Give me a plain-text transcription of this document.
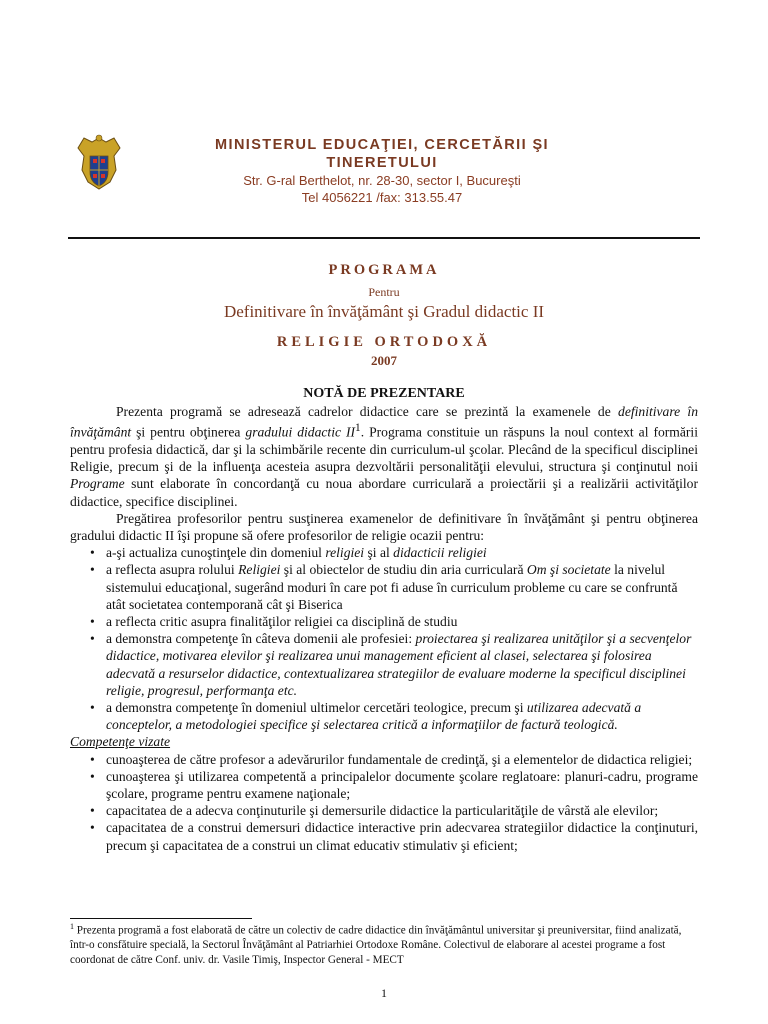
MINISTERUL EDUCAŢIEI, CERCETĂRII ŞI
TINERETULUI
Str. G-ral Berthelot, nr. 28-30, sector I, Bucureşti
Tel 4056221 /fax: 313.55.47
PROGRAMA
Pentru
Definitivare în învăţământ şi Gradul didactic II
RELIGIE ORTODOXĂ
2007
NOTĂ DE PREZENTARE

Prezenta programă se adresează cadrelor didactice care se prezintă la examenele de definitivare în învăţământ şi pentru obţinerea gradului didactic $II^1$. Programa constituie un răspuns la noul context al formării pentru profesia didactică, dar şi la schimbările recente din curriculum-ul şcolar. Plecând de la specificul disciplinei Religie, precum şi de la influenţa acesteia asupra dezvoltării personalităţii elevului, structura şi conţinutul noii Programe sunt elaborate în concordanţă cu noua abordare curriculară a proiectării şi a realizării activităţilor didactice, specifice disciplinei.

Pregătirea profesorilor pentru susţinerea examenelor de definitivare în învăţământ şi pentru obţinerea gradului didactic II îşi propune să ofere profesorilor de religie ocazii pentru:

• a-şi actualiza cunoştinţele din domeniul religiei şi al didacticii religiei
• a reflecta asupra rolului Religiei şi al obiectelor de studiu din aria curriculară Om şi societate la nivelul sistemului educaţional, sugerând moduri în care pot fi aduse în curriculum probleme cu care se confruntă atât societatea contemporană cât şi Biserica
• a reflecta critic asupra finalităţilor religiei ca disciplină de studiu
• a demonstra competenţe în câteva domenii ale profesiei: proiectarea şi realizarea unităţilor şi a secvenţelor didactice, motivarea elevilor şi realizarea unui management eficient al clasei, selectarea şi folosirea adecvată a resurselor didactice, contextualizarea strategiilor de evaluare moderne la specificul disciplinei religie, progresul, performanţa etc.
• a demonstra competenţe în domeniul ultimelor cercetări teologice, precum şi utilizarea adecvată a conceptelor, a metodologiei specifice şi selectarea critică a informaţiilor de factură teologică.
Competenţe vizate
• cunoaşterea de către profesor a adevărurilor fundamentale de credinţă, şi a elementelor de didactica religiei;
• cunoaşterea şi utilizarea competentă a principalelor documente şcolare reglatoare: planuri-cadru, programe şcolare, programe pentru examene naţionale;
• capacitatea de a adecva conţinuturile şi demersurile didactice la particularităţile de vârstă ale elevilor;
• capacitatea de a construi demersuri didactice interactive prin adecvarea strategiilor didactice la conţinuturi, precum şi capacitatea de a construi un climat educativ stimulativ şi eficient;
$^1$ Prezenta programă a fost elaborată de către un colectiv de cadre didactice din învăţământul universitar şi preuniversitar, fiind analizată, într-o consfătuire specială, la Sectorul Învăţământ al Patriarhiei Ortodoxe Române. Colectivul de elaborare al acestei programe a fost coordonat de către Conf. univ. dr. Vasile Timiş, Inspector General - MECT
1
